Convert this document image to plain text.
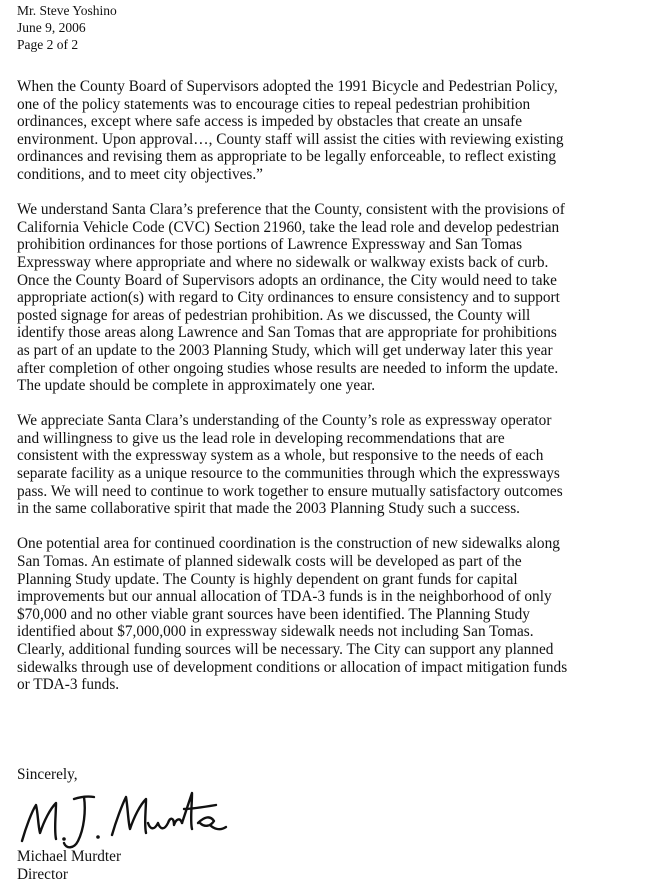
Mr. Steve Yoshino
June 9, 2006
Page 2 of 2

When the County Board of Supervisors adopted the 1991 Bicycle and Pedestrian Policy,
one of the policy statements was to encourage cities to repeal pedestrian prohibition
ordinances, except where safe access is impeded by obstacles that create an unsafe
environment. Upon approval…, County staff will assist the cities with reviewing existing
ordinances and revising them as appropriate to be legally enforceable, to reflect existing
conditions, and to meet city objectives.”

We understand Santa Clara’s preference that the County, consistent with the provisions of
California Vehicle Code (CVC) Section 21960, take the lead role and develop pedestrian
prohibition ordinances for those portions of Lawrence Expressway and San Tomas
Expressway where appropriate and where no sidewalk or walkway exists back of curb.
Once the County Board of Supervisors adopts an ordinance, the City would need to take
appropriate action(s) with regard to City ordinances to ensure consistency and to support
posted signage for areas of pedestrian prohibition. As we discussed, the County will
identify those areas along Lawrence and San Tomas that are appropriate for prohibitions
as part of an update to the 2003 Planning Study, which will get underway later this year
after completion of other ongoing studies whose results are needed to inform the update.
The update should be complete in approximately one year.

We appreciate Santa Clara’s understanding of the County’s role as expressway operator
and willingness to give us the lead role in developing recommendations that are
consistent with the expressway system as a whole, but responsive to the needs of each
separate facility as a unique resource to the communities through which the expressways
pass. We will need to continue to work together to ensure mutually satisfactory outcomes
in the same collaborative spirit that made the 2003 Planning Study such a success.

One potential area for continued coordination is the construction of new sidewalks along
San Tomas. An estimate of planned sidewalk costs will be developed as part of the
Planning Study update. The County is highly dependent on grant funds for capital
improvements but our annual allocation of TDA-3 funds is in the neighborhood of only
$70,000 and no other viable grant sources have been identified. The Planning Study
identified about $7,000,000 in expressway sidewalk needs not including San Tomas.
Clearly, additional funding sources will be necessary. The City can support any planned
sidewalks through use of development conditions or allocation of impact mitigation funds
or TDA-3 funds.

Sincerely,
Michael Murdter
Director
